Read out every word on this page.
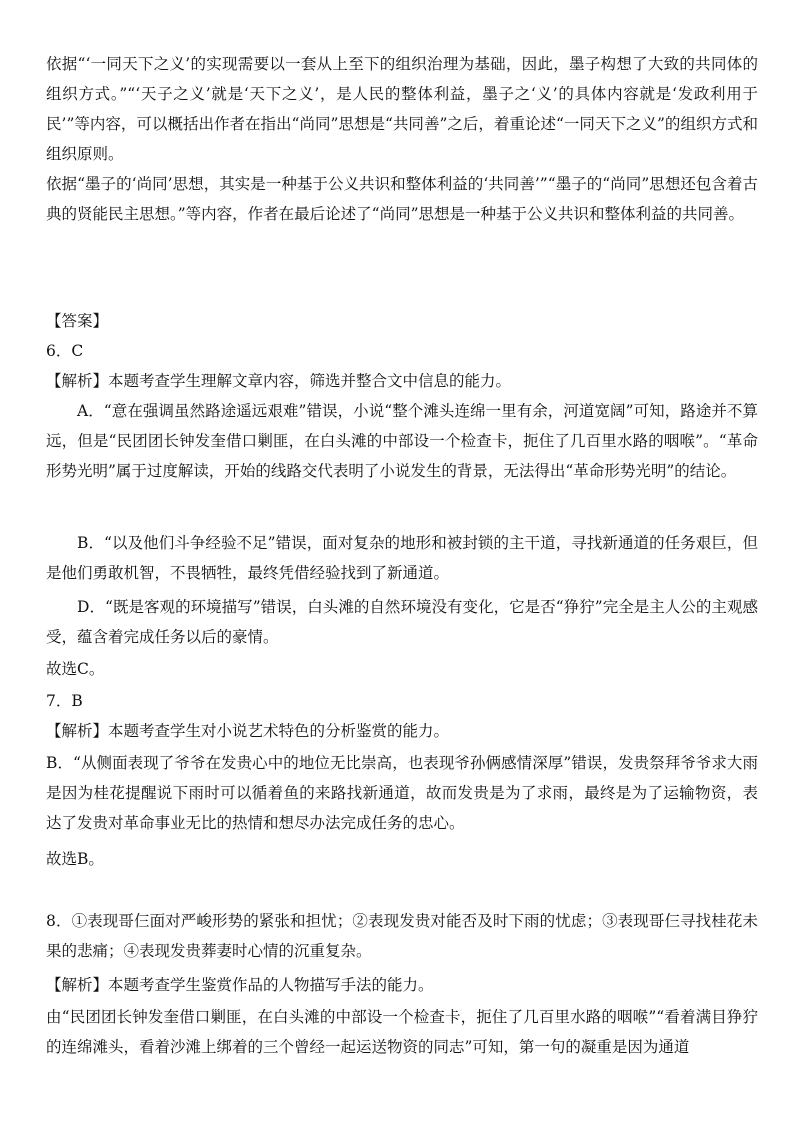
依据“‘一同天下之义’的实现需要以一套从上至下的组织治理为基础，因此，墨子构想了大致的共同体的组织方式。”“‘天子之义’就是‘天下之义’，是人民的整体利益，墨子之‘义’的具体内容就是‘发政利用于民’”等内容，可以概括出作者在指出“尚同”思想是“共同善”之后，着重论述“一同天下之义”的组织方式和组织原则。

依据“墨子的‘尚同’思想，其实是一种基于公义共识和整体利益的‘共同善’”“墨子的“尚同”思想还包含着古典的贤能民主思想。”等内容，作者在最后论述了“尚同”思想是一种基于公义共识和整体利益的共同善。

【答案】

6．C

【解析】本题考查学生理解文章内容，筛选并整合文中信息的能力。

A．“意在强调虽然路途遥远艰难”错误，小说“整个滩头连绵一里有余，河道宽阔”可知，路途并不算远，但是“民团团长钟发奎借口剿匪，在白头滩的中部设一个检查卡，扼住了几百里水路的咽喉”。“革命形势光明”属于过度解读，开始的线路交代表明了小说发生的背景，无法得出“革命形势光明”的结论。

B．“以及他们斗争经验不足”错误，面对复杂的地形和被封锁的主干道，寻找新通道的任务艰巨，但是他们勇敢机智，不畏牺牲，最终凭借经验找到了新通道。

D．“既是客观的环境描写”错误，白头滩的自然环境没有变化，它是否“狰狞”完全是主人公的主观感受，蕴含着完成任务以后的豪情。

故选C。

7．B

【解析】本题考查学生对小说艺术特色的分析鉴赏的能力。

B．“从侧面表现了爷爷在发贵心中的地位无比崇高，也表现爷孙俩感情深厚”错误，发贵祭拜爷爷求大雨是因为桂花提醒说下雨时可以循着鱼的来路找新通道，故而发贵是为了求雨，最终是为了运输物资，表达了发贵对革命事业无比的热情和想尽办法完成任务的忠心。

故选B。

8．①表现哥仨面对严峻形势的紧张和担忧；②表现发贵对能否及时下雨的忧虑；③表现哥仨寻找桂花未果的悲痛；④表现发贵葬妻时心情的沉重复杂。

【解析】本题考查学生鉴赏作品的人物描写手法的能力。

由“民团团长钟发奎借口剿匪，在白头滩的中部设一个检查卡，扼住了几百里水路的咽喉”“看着满目狰狞的连绵滩头，看着沙滩上绑着的三个曾经一起运送物资的同志”可知，第一句的凝重是因为通道
